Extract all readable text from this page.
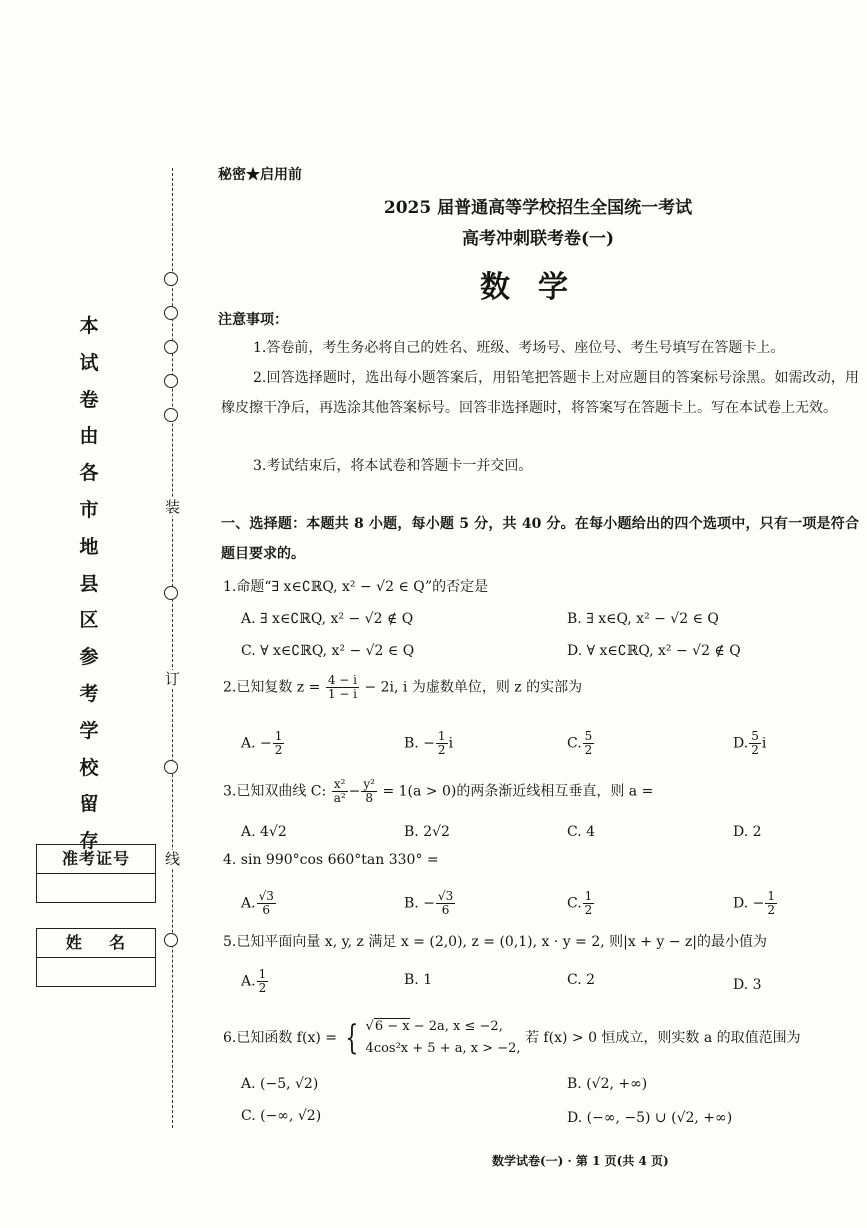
装
订
线
本试卷由各市地县区参考学校留存
准考证号
姓    名
秘密★启用前
2025 届普通高等学校招生全国统一考试
高考冲刺联考卷(一)
数学
注意事项：
1.答卷前，考生务必将自己的姓名、班级、考场号、座位号、考生号填写在答题卡上。
2.回答选择题时，选出每小题答案后，用铅笔把答题卡上对应题目的答案标号涂黑。如需改动，用橡皮擦干净后，再选涂其他答案标号。回答非选择题时，将答案写在答题卡上。写在本试卷上无效。
3.考试结束后，将本试卷和答题卡一并交回。
一、选择题：本题共 8 小题，每小题 5 分，共 40 分。在每小题给出的四个选项中，只有一项是符合题目要求的。
1.命题“∃ x∈∁ℝQ, x² − √2 ∈ Q”的否定是
A. ∃ x∈∁ℝQ, x² − √2 ∉ Q	B. ∃ x∈Q, x² − √2 ∈ Q
C. ∀ x∈∁ℝQ, x² − √2 ∈ Q	D. ∀ x∈∁ℝQ, x² − √2 ∉ Q
2.已知复数 $z = \frac{4 - i}{1 - i} - 2i$, i 为虚数单位，则 z 的实部为
A. − $\frac{1}{2}$	B. − $\frac{1}{2}$ i	C. $\frac{5}{2}$	D. $\frac{5}{2}$ i
3.已知双曲线 C: $\frac{\text{x²}}{\text{a²}} - \frac{\text{y²}}{8} = 1(a > 0)$的两条渐近线相互垂直，则 a =
A. 4√2	B. 2√2	C. 4	D. 2
4. sin 990°cos 660°tan 330° =
A. $\frac{√3}{6}$	B. − $\frac{√3}{6}$	C. $\frac{1}{2}$	D. − $\frac{1}{2}$
5.已知平面向量 x, y, z 满足 x = (2,0), z = (0,1), x · y = 2, 则|x + y − z|的最小值为
A. $\frac{1}{2}$	B. 1	C. 2	D. 3
6.已知函数 f(x) = { √6 − x − 2a, x ≤ −2,
4cos²x + 5 + a, x > −2,
若 f(x) > 0 恒成立，则实数 a 的取值范围为
A. (−5, √2)	B. (√2, +∞)
C. (−∞, √2)	D. (−∞, −5) ∪ (√2, +∞)
数学试卷(一) · 第 1 页(共 4 页)
